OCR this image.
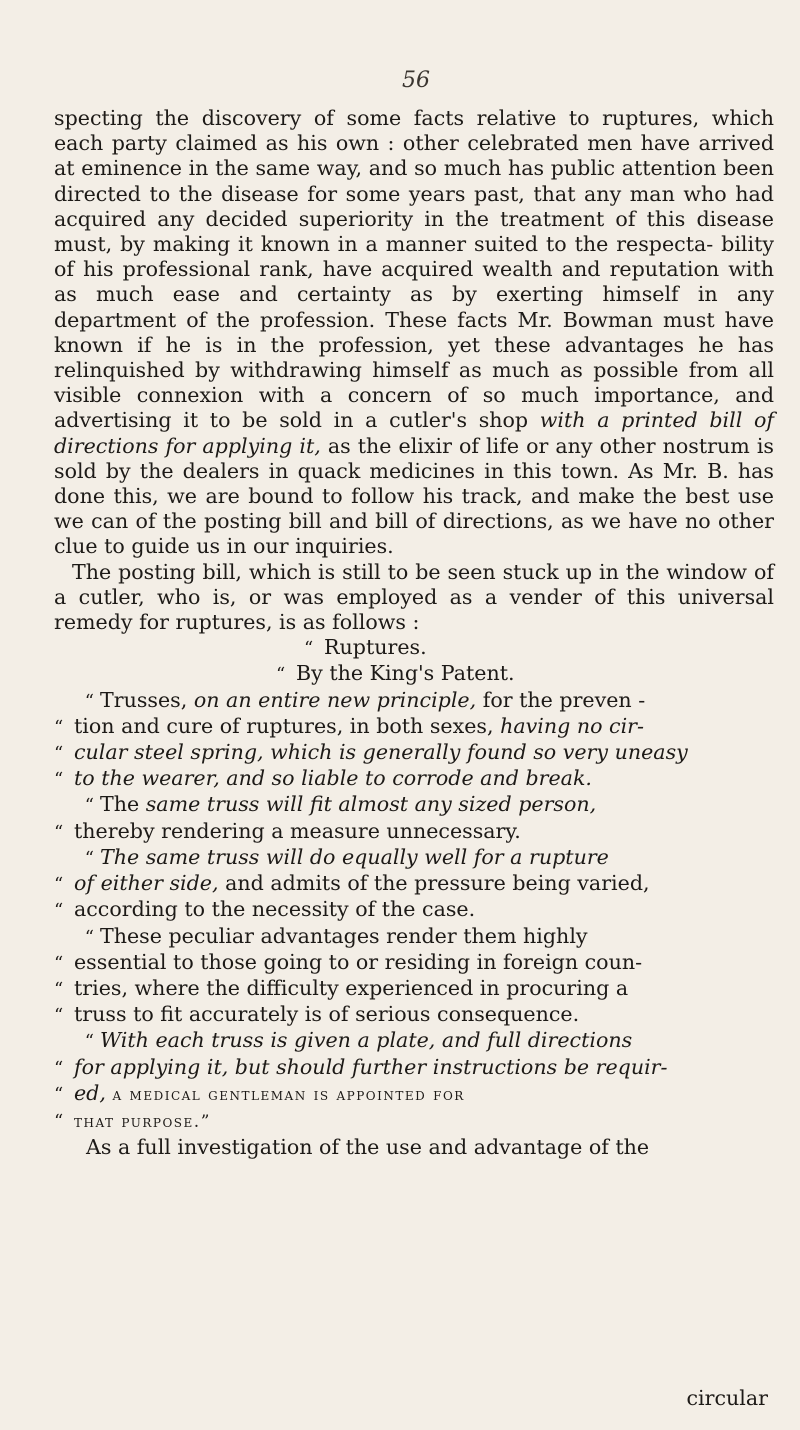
56

specting the discovery of some facts relative to ruptures, which each party claimed as his own : other celebrated men have arrived at eminence in the same way, and so much has public attention been directed to the disease for some years past, that any man who had acquired any decided superiority in the treatment of this disease must, by making it known in a manner suited to the respecta- bility of his professional rank, have acquired wealth and reputation with as much ease and certainty as by exerting himself in any department of the profession. These facts Mr. Bowman must have known if he is in the profession, yet these advantages he has relinquished by withdrawing himself as much as possible from all visible connexion with a concern of so much importance, and advertising it to be sold in a cutler's shop with a printed bill of directions for applying it, as the elixir of life or any other nostrum is sold by the dealers in quack medicines in this town. As Mr. B. has done this, we are bound to follow his track, and make the best use we can of the posting bill and bill of directions, as we have no other clue to guide us in our inquiries.

The posting bill, which is still to be seen stuck up in the window of a cutler, who is, or was employed as a vender of this universal remedy for ruptures, is as follows :

“ Ruptures.

“ By the King's Patent.

“ Trusses, on an entire new principle, for the preven -

“ tion and cure of ruptures, in both sexes, having no cir-

“ cular steel spring, which is generally found so very uneasy

“ to the wearer, and so liable to corrode and break.

“ The same truss will fit almost any sized person,

“ thereby rendering a measure unnecessary.

“ The same truss will do equally well for a rupture

“ of either side, and admits of the pressure being varied,

“ according to the necessity of the case.

“ These peculiar advantages render them highly

“ essential to those going to or residing in foreign coun-

“ tries, where the difficulty experienced in procuring a

“ truss to fit accurately is of serious consequence.

“ With each truss is given a plate, and full directions

“ for applying it, but should further instructions be requir-

“ ed, a medical gentleman is appointed for

“ that purpose.”

As a full investigation of the use and advantage of the

circular
